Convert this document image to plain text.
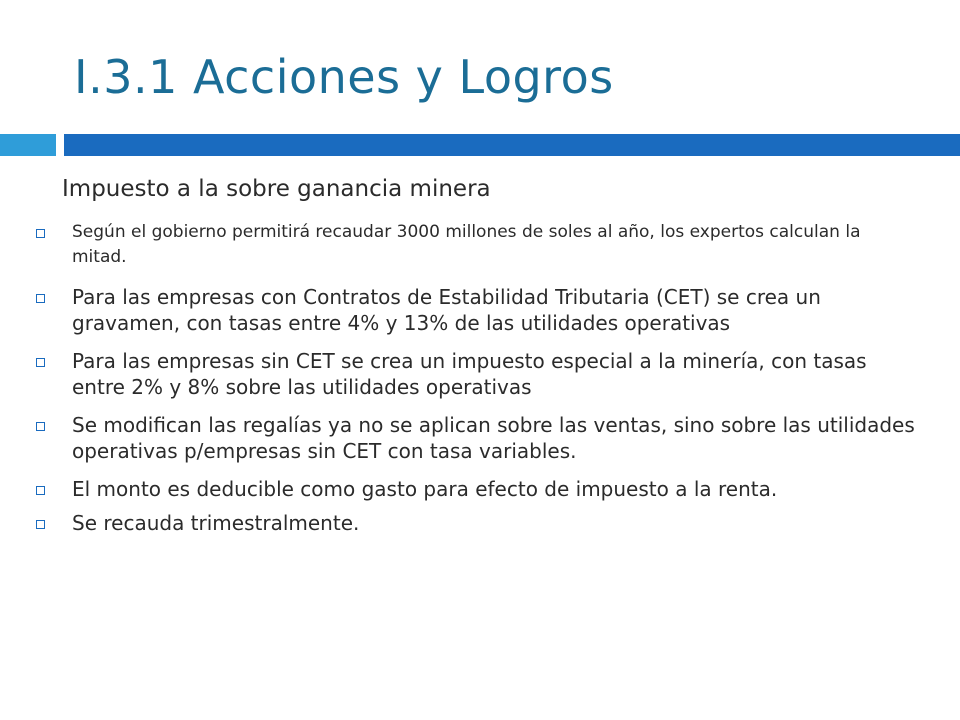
I.3.1 Acciones y Logros
Impuesto a la sobre ganancia minera
Según el gobierno permitirá recaudar 3000 millones de soles al año, los expertos calculan la mitad.
Para las empresas con Contratos de Estabilidad Tributaria (CET) se crea un gravamen, con tasas entre 4% y 13% de las utilidades operativas
Para las empresas sin CET se crea un impuesto especial a la minería, con tasas entre 2% y 8% sobre las utilidades operativas
Se modifican las regalías ya no se aplican sobre las ventas, sino sobre las utilidades operativas p/empresas sin CET con tasa variables.
El monto es deducible como gasto para efecto de impuesto a la renta.
Se recauda trimestralmente.
